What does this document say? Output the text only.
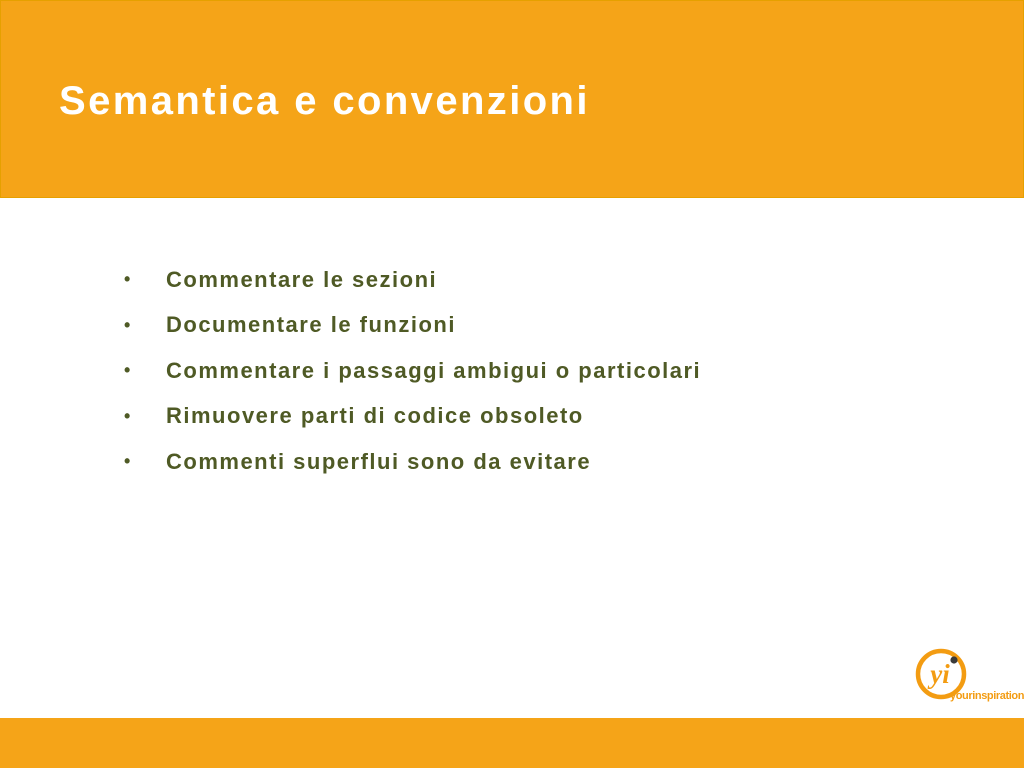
Semantica e convenzioni
•	Commentare le sezioni
•	Documentare le funzioni
•	Commentare i passaggi ambigui o particolari
•	Rimuovere parti di codice obsoleto
•	Commenti superflui sono da evitare
yi
yourinspiration
